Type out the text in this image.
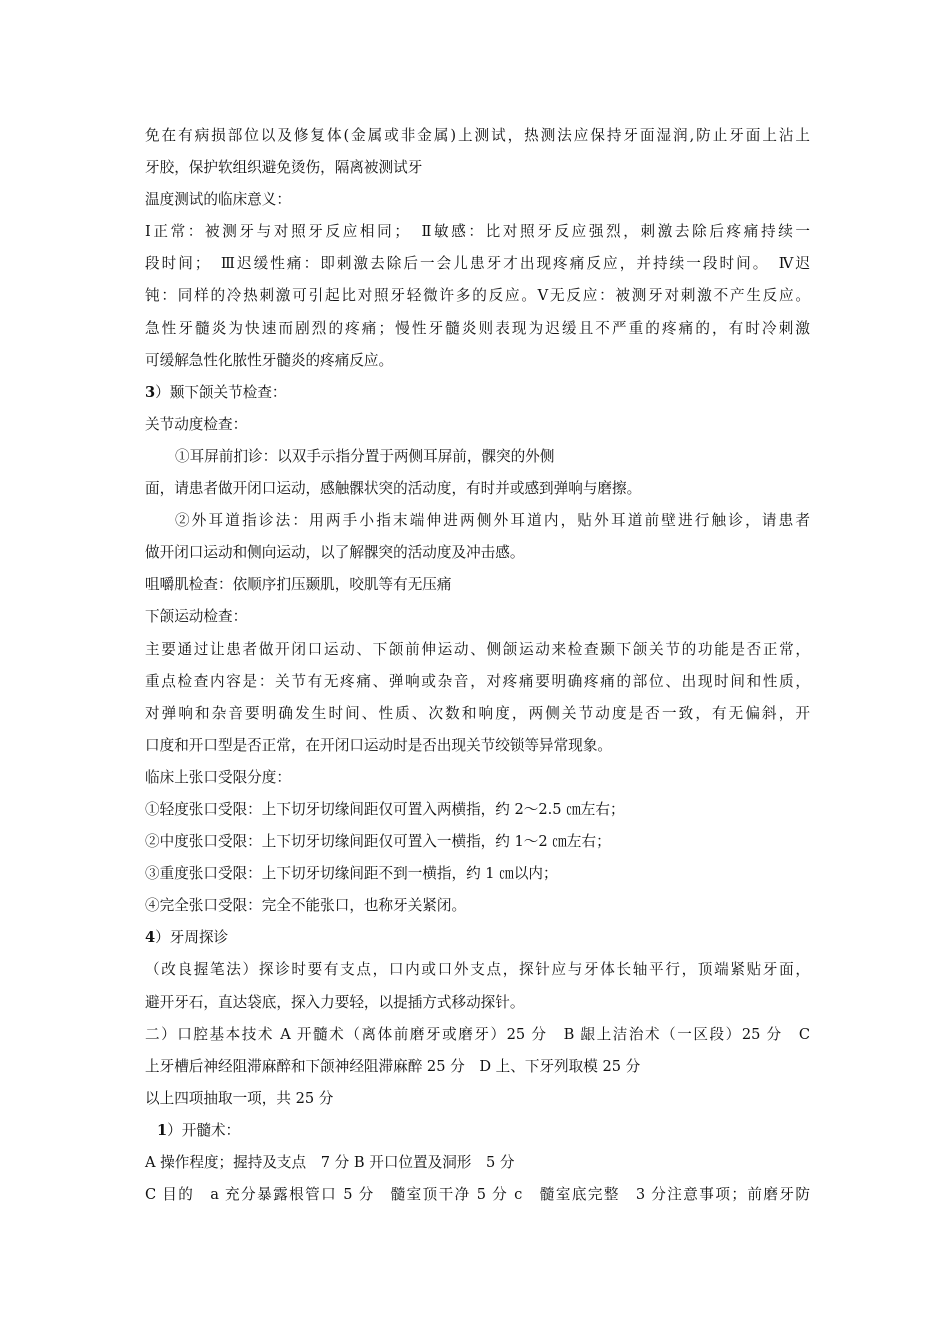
免在有病损部位以及修复体(金属或非金属)上测试，热测法应保持牙面湿润,防止牙面上沾上
牙胶，保护软组织避免烫伤，隔离被测试牙
温度测试的临床意义：
Ⅰ正常：被测牙与对照牙反应相同；　Ⅱ敏感：比对照牙反应强烈，刺激去除后疼痛持续一
段时间；　Ⅲ迟缓性痛：即刺激去除后一会儿患牙才出现疼痛反应，并持续一段时间。　Ⅳ迟
钝：同样的冷热刺激可引起比对照牙轻微许多的反应。Ⅴ无反应：被测牙对刺激不产生反应。
急性牙髓炎为快速而剧烈的疼痛；慢性牙髓炎则表现为迟缓且不严重的疼痛的，有时冷刺激
可缓解急性化脓性牙髓炎的疼痛反应。
3）颞下颌关节检查：
关节动度检查：
①耳屏前扪诊：以双手示指分置于两侧耳屏前，髁突的外侧
面，请患者做开闭口运动，感触髁状突的活动度，有时并或感到弹响与磨擦。
②外耳道指诊法：用两手小指末端伸进两侧外耳道内，贴外耳道前壁进行触诊，请患者
做开闭口运动和侧向运动，以了解髁突的活动度及冲击感。
咀嚼肌检查：依顺序扪压颞肌，咬肌等有无压痛
下颌运动检查：
主要通过让患者做开闭口运动、下颌前伸运动、侧颌运动来检查颞下颌关节的功能是否正常，
重点检查内容是：关节有无疼痛、弹响或杂音，对疼痛要明确疼痛的部位、出现时间和性质，
对弹响和杂音要明确发生时间、性质、次数和响度，两侧关节动度是否一致，有无偏斜，开
口度和开口型是否正常，在开闭口运动时是否出现关节绞锁等异常现象。
临床上张口受限分度：
①轻度张口受限：上下切牙切缘间距仅可置入两横指，约 2～2.5 ㎝左右；
②中度张口受限：上下切牙切缘间距仅可置入一横指，约 1～2 ㎝左右；
③重度张口受限：上下切牙切缘间距不到一横指，约 1 ㎝以内；
④完全张口受限：完全不能张口，也称牙关紧闭。
4）牙周探诊
（改良握笔法）探诊时要有支点，口内或口外支点，探针应与牙体长轴平行，顶端紧贴牙面，
避开牙石，直达袋底，探入力要轻，以提插方式移动探针。
二）口腔基本技术 A 开髓术（离体前磨牙或磨牙）25 分　B 龈上洁治术（一区段）25 分　C
上牙槽后神经阻滞麻醉和下颌神经阻滞麻醉 25 分　D 上、下牙列取模 25 分
以上四项抽取一项，共 25 分
1）开髓术：
A 操作程度；握持及支点　7 分 B 开口位置及洞形　5 分
C 目的　a 充分暴露根管口 5 分　髓室顶干净 5 分 c　髓室底完整　3 分注意事项；前磨牙防
